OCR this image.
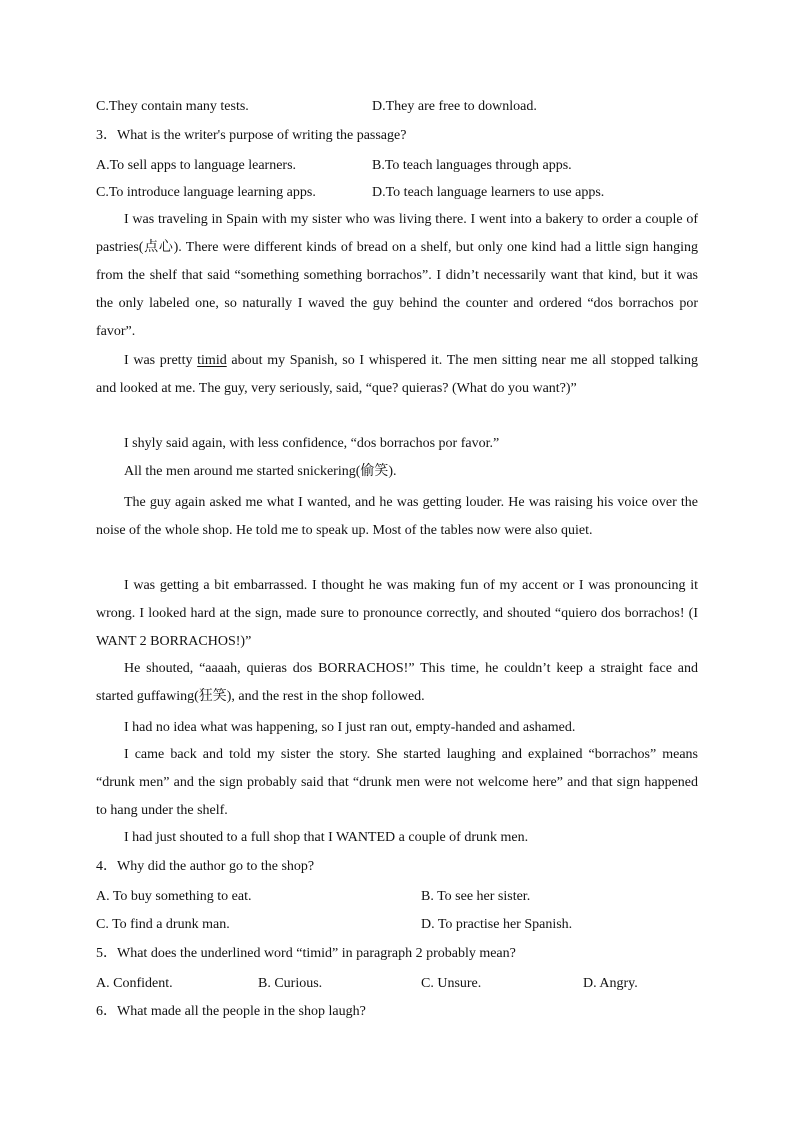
C.They contain many tests.	D.They are free to download.
3．What is the writer's purpose of writing the passage?
A.To sell apps to language learners.	B.To teach languages through apps.
C.To introduce language learning apps.	D.To teach language learners to use apps.
I was traveling in Spain with my sister who was living there. I went into a bakery to order a couple of pastries(点心). There were different kinds of bread on a shelf, but only one kind had a little sign hanging from the shelf that said “something something borrachos”. I didn’t necessarily want that kind, but it was the only labeled one, so naturally I waved the guy behind the counter and ordered “dos borrachos por favor”.
I was pretty timid about my Spanish, so I whispered it. The men sitting near me all stopped talking and looked at me. The guy, very seriously, said, “que? quieras? (What do you want?)”
I shyly said again, with less confidence, “dos borrachos por favor.”
All the men around me started snickering(偷笑).
The guy again asked me what I wanted, and he was getting louder. He was raising his voice over the noise of the whole shop. He told me to speak up. Most of the tables now were also quiet.
I was getting a bit embarrassed. I thought he was making fun of my accent or I was pronouncing it wrong. I looked hard at the sign, made sure to pronounce correctly, and shouted “quiero dos borrachos! (I WANT 2 BORRACHOS!)”
He shouted, “aaaah, quieras dos BORRACHOS!” This time, he couldn’t keep a straight face and started guffawing(狂笑), and the rest in the shop followed.
I had no idea what was happening, so I just ran out, empty-handed and ashamed.
I came back and told my sister the story. She started laughing and explained “borrachos” means “drunk men” and the sign probably said that “drunk men were not welcome here” and that sign happened to hang under the shelf.
I had just shouted to a full shop that I WANTED a couple of drunk men.
4．Why did the author go to the shop?
A. To buy something to eat.	B. To see her sister.
C. To find a drunk man.	D. To practise her Spanish.
5．What does the underlined word “timid” in paragraph 2 probably mean?
A. Confident.	B. Curious.	C. Unsure.	D. Angry.
6．What made all the people in the shop laugh?
